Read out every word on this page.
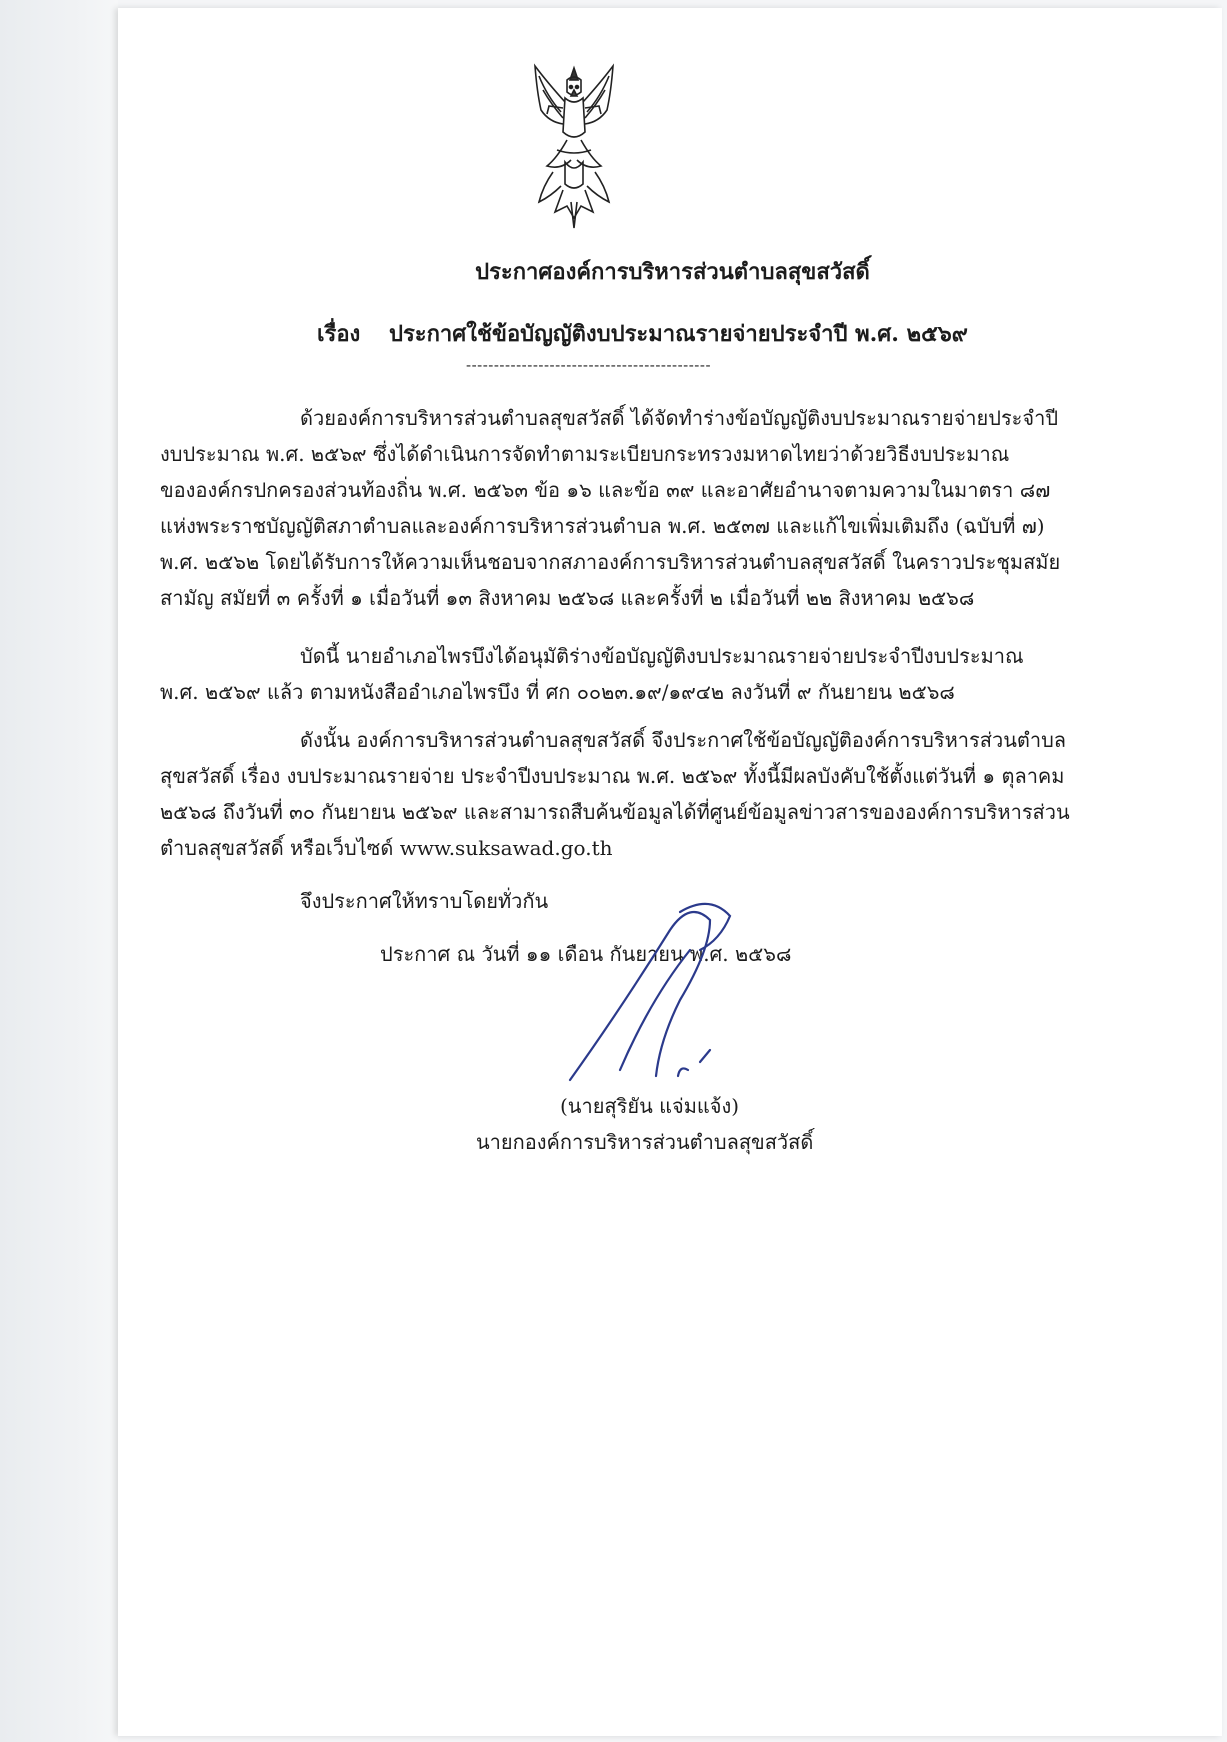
ประกาศองค์การบริหารส่วนตำบลสุขสวัสดิ์
เรื่อง ประกาศใช้ข้อบัญญัติงบประมาณรายจ่ายประจำปี พ.ศ. ๒๕๖๙
--------------------------------------------
ด้วยองค์การบริหารส่วนตำบลสุขสวัสดิ์ ได้จัดทำร่างข้อบัญญัติงบประมาณรายจ่ายประจำปี
งบประมาณ พ.ศ. ๒๕๖๙ ซึ่งได้ดำเนินการจัดทำตามระเบียบกระทรวงมหาดไทยว่าด้วยวิธีงบประมาณ
ขององค์กรปกครองส่วนท้องถิ่น พ.ศ. ๒๕๖๓ ข้อ ๑๖ และข้อ ๓๙ และอาศัยอำนาจตามความในมาตรา ๘๗
แห่งพระราชบัญญัติสภาตำบลและองค์การบริหารส่วนตำบล พ.ศ. ๒๕๓๗ และแก้ไขเพิ่มเติมถึง (ฉบับที่ ๗)
พ.ศ. ๒๕๖๒ โดยได้รับการให้ความเห็นชอบจากสภาองค์การบริหารส่วนตำบลสุขสวัสดิ์ ในคราวประชุมสมัย
สามัญ สมัยที่ ๓ ครั้งที่ ๑ เมื่อวันที่ ๑๓ สิงหาคม ๒๕๖๘ และครั้งที่ ๒ เมื่อวันที่ ๒๒ สิงหาคม ๒๕๖๘
บัดนี้ นายอำเภอไพรบึงได้อนุมัติร่างข้อบัญญัติงบประมาณรายจ่ายประจำปีงบประมาณ
พ.ศ. ๒๕๖๙ แล้ว ตามหนังสืออำเภอไพรบึง ที่ ศก ๐๐๒๓.๑๙/๑๙๔๒ ลงวันที่ ๙ กันยายน ๒๕๖๘
ดังนั้น องค์การบริหารส่วนตำบลสุขสวัสดิ์ จึงประกาศใช้ข้อบัญญัติองค์การบริหารส่วนตำบล
สุขสวัสดิ์ เรื่อง งบประมาณรายจ่าย ประจำปีงบประมาณ พ.ศ. ๒๕๖๙ ทั้งนี้มีผลบังคับใช้ตั้งแต่วันที่ ๑ ตุลาคม
๒๕๖๘ ถึงวันที่ ๓๐ กันยายน ๒๕๖๙ และสามารถสืบค้นข้อมูลได้ที่ศูนย์ข้อมูลข่าวสารขององค์การบริหารส่วน
ตำบลสุขสวัสดิ์ หรือเว็บไซด์ www.suksawad.go.th
จึงประกาศให้ทราบโดยทั่วกัน
ประกาศ ณ วันที่ ๑๑ เดือน กันยายน พ.ศ. ๒๕๖๘
(นายสุริยัน แจ่มแจ้ง)
นายกองค์การบริหารส่วนตำบลสุขสวัสดิ์
